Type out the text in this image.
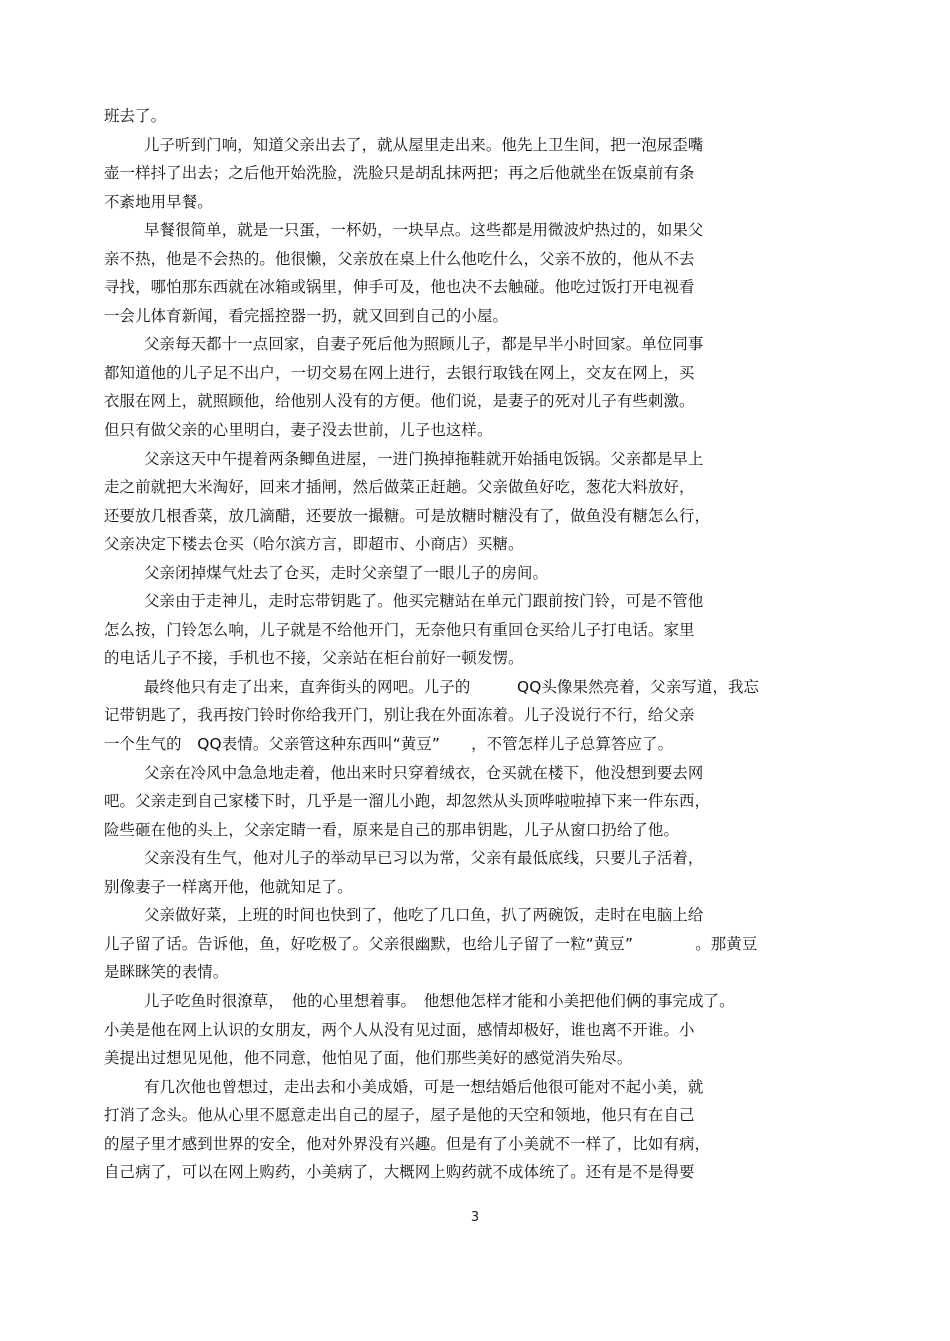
班去了。
儿子听到门响，知道父亲出去了，就从屋里走出来。他先上卫生间，把一泡尿歪嘴
壶一样抖了出去；之后他开始洗脸，洗脸只是胡乱抹两把；再之后他就坐在饭桌前有条
不紊地用早餐。
早餐很简单，就是一只蛋，一杯奶，一块早点。这些都是用微波炉热过的，如果父
亲不热，他是不会热的。他很懒，父亲放在桌上什么他吃什么，父亲不放的，他从不去
寻找，哪怕那东西就在冰箱或锅里，伸手可及，他也决不去触碰。他吃过饭打开电视看
一会儿体育新闻，看完摇控器一扔，就又回到自己的小屋。
父亲每天都十一点回家，自妻子死后他为照顾儿子，都是早半小时回家。单位同事
都知道他的儿子足不出户，一切交易在网上进行，去银行取钱在网上，交友在网上，买
衣服在网上，就照顾他，给他别人没有的方便。他们说，是妻子的死对儿子有些刺激。
但只有做父亲的心里明白，妻子没去世前，儿子也这样。
父亲这天中午提着两条鲫鱼进屋，一进门换掉拖鞋就开始插电饭锅。父亲都是早上
走之前就把大米淘好，回来才插闸，然后做菜正赶趟。父亲做鱼好吃，葱花大料放好，
还要放几根香菜，放几滴醋，还要放一撮糖。可是放糖时糖没有了，做鱼没有糖怎么行，
父亲决定下楼去仓买（哈尔滨方言，即超市、小商店）买糖。
父亲闭掉煤气灶去了仓买，走时父亲望了一眼儿子的房间。
父亲由于走神儿，走时忘带钥匙了。他买完糖站在单元门跟前按门铃，可是不管他
怎么按，门铃怎么响，儿子就是不给他开门，无奈他只有重回仓买给儿子打电话。家里
的电话儿子不接，手机也不接，父亲站在柜台前好一顿发愣。
最终他只有走了出来，直奔街头的网吧。儿子的　　　QQ头像果然亮着，父亲写道，我忘
记带钥匙了，我再按门铃时你给我开门，别让我在外面冻着。儿子没说行不行，给父亲
一个生气的　QQ表情。父亲管这种东西叫“黄豆”　　，不管怎样儿子总算答应了。
父亲在冷风中急急地走着，他出来时只穿着绒衣，仓买就在楼下，他没想到要去网
吧。父亲走到自己家楼下时，几乎是一溜儿小跑，却忽然从头顶哗啦啦掉下来一件东西，
险些砸在他的头上，父亲定睛一看，原来是自己的那串钥匙，儿子从窗口扔给了他。
父亲没有生气，他对儿子的举动早已习以为常，父亲有最低底线，只要儿子活着，
别像妻子一样离开他，他就知足了。
父亲做好菜，上班的时间也快到了，他吃了几口鱼，扒了两碗饭，走时在电脑上给
儿子留了话。告诉他，鱼，好吃极了。父亲很幽默，也给儿子留了一粒“黄豆”　　　　。那黄豆
是眯眯笑的表情。
儿子吃鱼时很潦草，　他的心里想着事。　他想他怎样才能和小美把他们俩的事完成了。
小美是他在网上认识的女朋友，两个人从没有见过面，感情却极好，谁也离不开谁。小
美提出过想见见他，他不同意，他怕见了面，他们那些美好的感觉消失殆尽。
有几次他也曾想过，走出去和小美成婚，可是一想结婚后他很可能对不起小美，就
打消了念头。他从心里不愿意走出自己的屋子，屋子是他的天空和领地，他只有在自己
的屋子里才感到世界的安全，他对外界没有兴趣。但是有了小美就不一样了，比如有病，
自己病了，可以在网上购药，小美病了，大概网上购药就不成体统了。还有是不是得要
3
